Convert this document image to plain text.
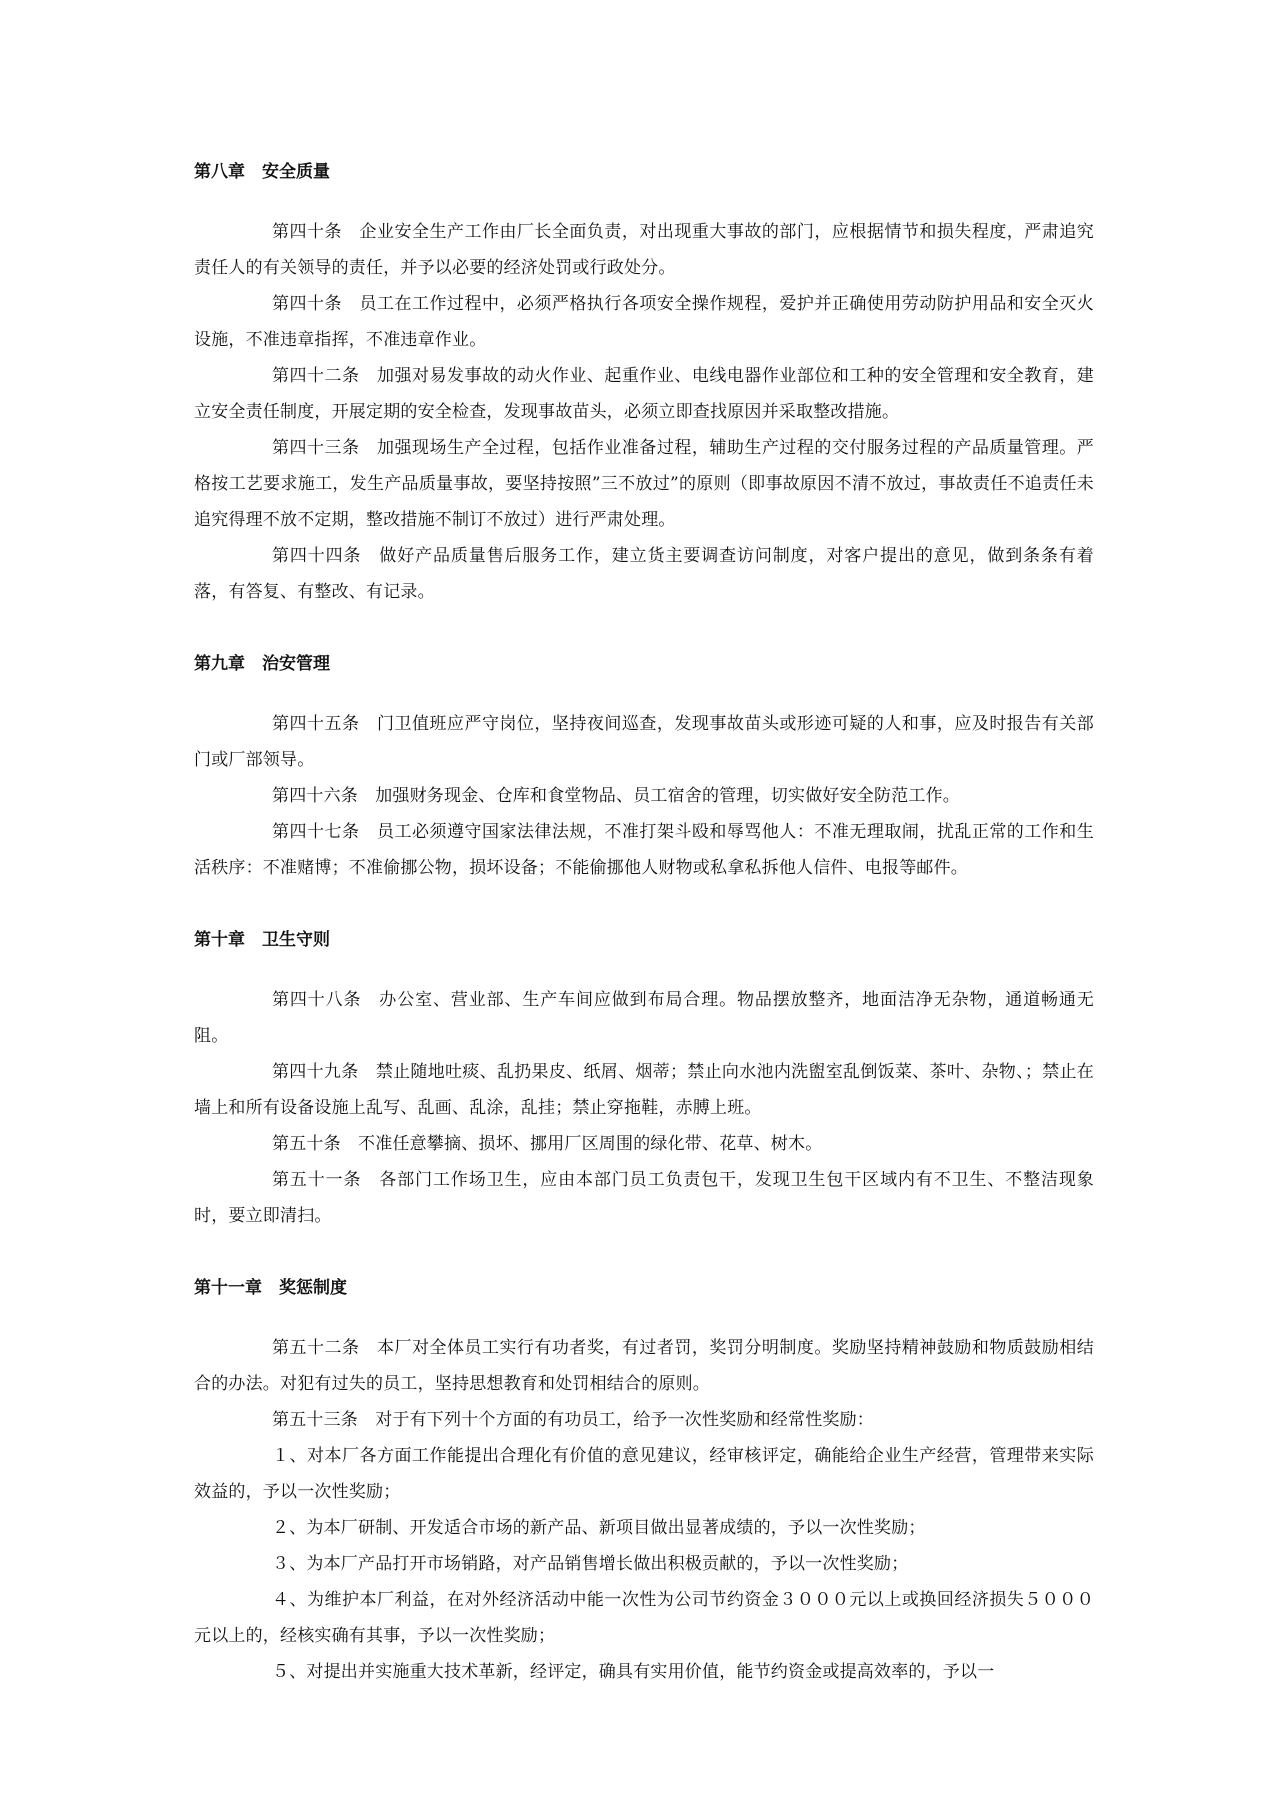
第八章　安全质量

第四十条　企业安全生产工作由厂长全面负责，对出现重大事故的部门，应根据情节和损失程度，严肃追究责任人的有关领导的责任，并予以必要的经济处罚或行政处分。

第四十条　员工在工作过程中，必须严格执行各项安全操作规程，爱护并正确使用劳动防护用品和安全灭火设施，不准违章指挥，不准违章作业。

第四十二条　加强对易发事故的动火作业、起重作业、电线电器作业部位和工种的安全管理和安全教育，建立安全责任制度，开展定期的安全检查，发现事故苗头，必须立即查找原因并采取整改措施。

第四十三条　加强现场生产全过程，包括作业准备过程，辅助生产过程的交付服务过程的产品质量管理。严格按工艺要求施工，发生产品质量事故，要坚持按照”三不放过”的原则（即事故原因不清不放过，事故责任不追责任未追究得理不放不定期，整改措施不制订不放过）进行严肃处理。

第四十四条　做好产品质量售后服务工作，建立货主要调查访问制度，对客户提出的意见，做到条条有着落，有答复、有整改、有记录。

第九章　治安管理

第四十五条　门卫值班应严守岗位，坚持夜间巡查，发现事故苗头或形迹可疑的人和事，应及时报告有关部门或厂部领导。

第四十六条　加强财务现金、仓库和食堂物品、员工宿舍的管理，切实做好安全防范工作。

第四十七条　员工必须遵守国家法律法规，不准打架斗殴和辱骂他人：不准无理取闹，扰乱正常的工作和生活秩序：不准赌博；不准偷挪公物，损坏设备；不能偷挪他人财物或私拿私拆他人信件、电报等邮件。

第十章　卫生守则

第四十八条　办公室、营业部、生产车间应做到布局合理。物品摆放整齐，地面洁净无杂物，通道畅通无阻。

第四十九条　禁止随地吐痰、乱扔果皮、纸屑、烟蒂；禁止向水池内洗盥室乱倒饭菜、茶叶、杂物、；禁止在墙上和所有设备设施上乱写、乱画、乱涂，乱挂；禁止穿拖鞋，赤膊上班。

第五十条　不准任意攀摘、损坏、挪用厂区周围的绿化带、花草、树木。

第五十一条　各部门工作场卫生，应由本部门员工负责包干，发现卫生包干区域内有不卫生、不整洁现象时，要立即清扫。

第十一章　奖惩制度

第五十二条　本厂对全体员工实行有功者奖，有过者罚，奖罚分明制度。奖励坚持精神鼓励和物质鼓励相结合的办法。对犯有过失的员工，坚持思想教育和处罚相结合的原则。

第五十三条　对于有下列十个方面的有功员工，给予一次性奖励和经常性奖励：

１、对本厂各方面工作能提出合理化有价值的意见建议，经审核评定，确能给企业生产经营，管理带来实际效益的，予以一次性奖励；

２、为本厂研制、开发适合市场的新产品、新项目做出显著成绩的，予以一次性奖励；

３、为本厂产品打开市场销路，对产品销售增长做出积极贡献的，予以一次性奖励；

４、为维护本厂利益，在对外经济活动中能一次性为公司节约资金３０００元以上或换回经济损失５０００元以上的，经核实确有其事，予以一次性奖励；

５、对提出并实施重大技术革新，经评定，确具有实用价值，能节约资金或提高效率的，予以一
